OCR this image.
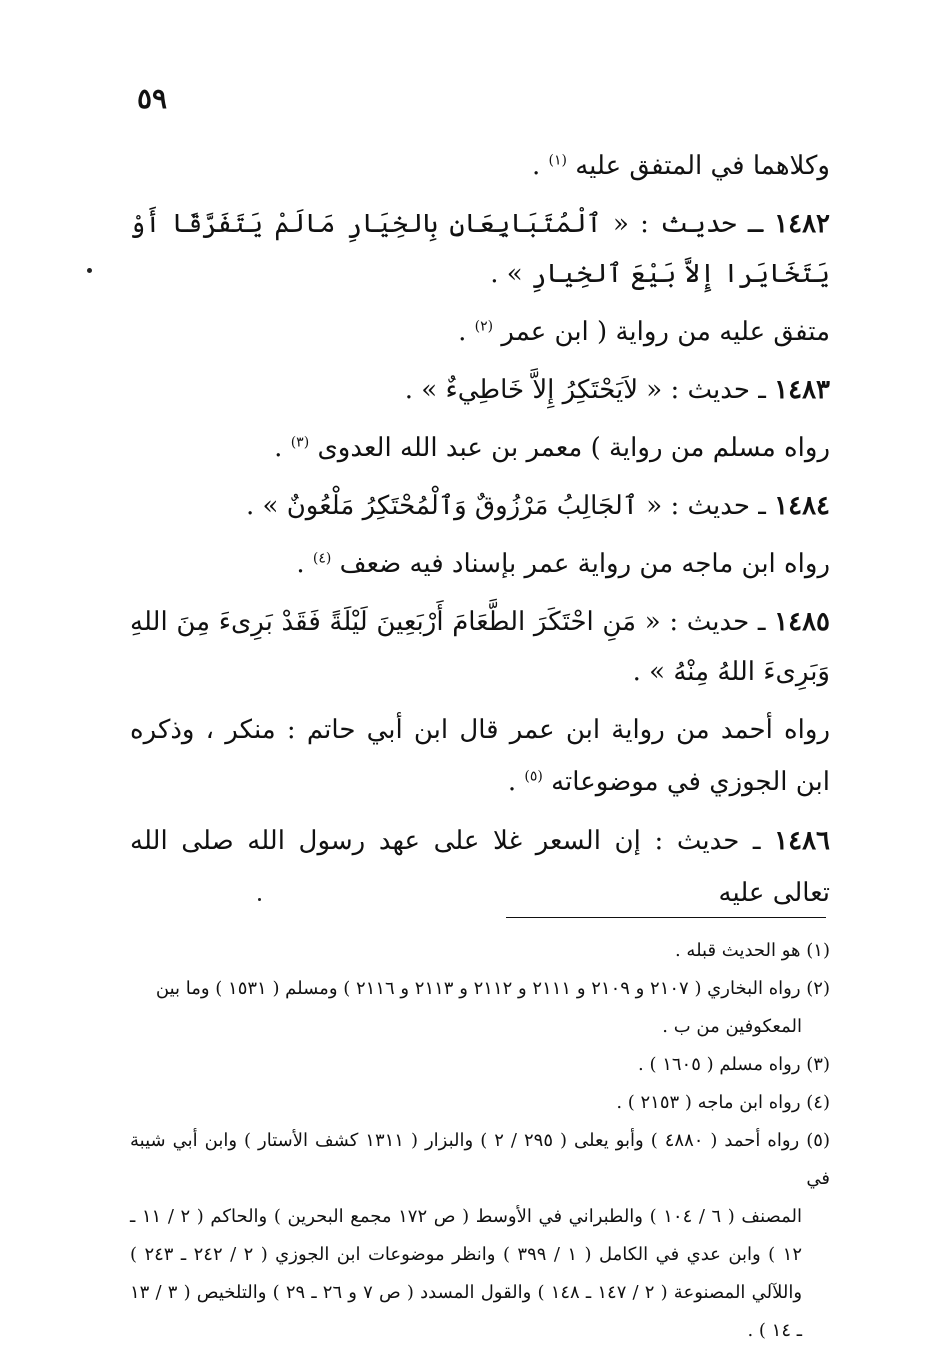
٥٩

وكلاهما في المتفق عليه $^{(١)}$ .

١٤٨٢ ـ حديث : « ٱلْمُتَبَايِعَانِ بِالخِيَارِ مَالَمْ يَتَفَرَّقَا أَوْ يَتَخَايَرا إِلاَّ بَيْعَ ٱلخِيارِ » .

متفق عليه من رواية ( ابن عمر $^{(٢)}$ .

١٤٨٣ ـ حديث : « لاَيَحْتَكِرُ إِلاَّ خَاطِيءٌ » .

رواه مسلم من رواية ) معمر بن عبد الله العدوى $^{(٣)}$ .

١٤٨٤ ـ حديث : « ٱلجَالِبُ مَرْزُوقٌ وَٱلْمُحْتَكِرُ مَلْعُونٌ » .

رواه ابن ماجه من رواية عمر بإسناد فيه ضعف $^{(٤)}$ .

١٤٨٥ ـ حديث : « مَنِ احْتَكَرَ الطَّعَامَ أَرْبَعِينَ لَيْلَةً فَقَدْ بَرِىءَ مِنَ اللهِ وَبَرِىءَ اللهُ مِنْهُ » .

رواه أحمد من رواية ابن عمر قال ابن أبي حاتم : منكر ، وذكره ابن الجوزي في موضوعاته $^{(٥)}$ .

١٤٨٦ ـ حديث : إن السعر غلا على عهد رسول الله صلى الله تعالى عليه

(١) هو الحديث قبله .

(٢) رواه البخاري ( ٢١٠٧ و ٢١٠٩ و ٢١١١ و ٢١١٢ و ٢١١٣ و ٢١١٦ ) ومسلم ( ١٥٣١ ) وما بين
المعكوفين من ب .

(٣) رواه مسلم ( ١٦٠٥ ) .

(٤) رواه ابن ماجه ( ٢١٥٣ ) .

(٥) رواه أحمد ( ٤٨٨٠ ) وأبو يعلى ( ٢٩٥ / ٢ ) والبزار ( ١٣١١ كشف الأستار ) وابن أبي شيبة في
المصنف ( ٦ / ١٠٤ ) والطبراني في الأوسط ( ص ١٧٢ مجمع البحرين ) والحاكم ( ٢ / ١١ ـ ١٢ ) وابن عدي في الكامل ( ١ / ٣٩٩ ) وانظر موضوعات ابن الجوزي ( ٢ / ٢٤٢ ـ ٢٤٣ ) واللآلي المصنوعة ( ٢ / ١٤٧ ـ ١٤٨ ) والقول المسدد ( ص ٧ و ٢٦ ـ ٢٩ ) والتلخيص ( ٣ / ١٣ ـ ١٤ ) .
